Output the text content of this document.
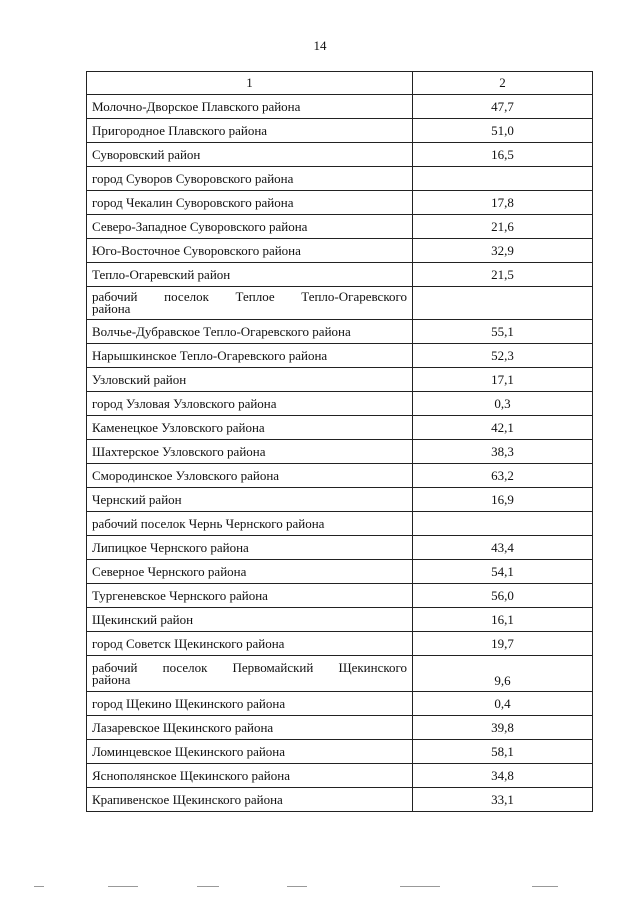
14
1	2
Молочно-Дворское Плавского района	47,7
Пригородное Плавского района	51,0
Суворовский район	16,5
город Суворов Суворовского района	
город Чекалин Суворовского района	17,8
Северо-Западное Суворовского района	21,6
Юго-Восточное Суворовского района	32,9
Тепло-Огаревский район	21,5

рабочий поселок Теплое Тепло-Огаревского
района	

Волчье-Дубравское Тепло-Огаревского района	55,1
Нарышкинское Тепло-Огаревского района	52,3
Узловский район	17,1
город Узловая Узловского района	0,3
Каменецкое Узловского района	42,1
Шахтерское Узловского района	38,3
Смородинское Узловского района	63,2
Чернский район	16,9
рабочий поселок Чернь Чернского района	
Липицкое Чернского района	43,4
Северное Чернского района	54,1
Тургеневское Чернского района	56,0
Щекинский район	16,1
город Советск Щекинского района	19,7

рабочий поселок Первомайский Щекинского
района	9,6
город Щекино Щекинского района	0,4
Лазаревское Щекинского района	39,8
Ломинцевское Щекинского района	58,1
Яснополянское Щекинского района	34,8
Крапивенское Щекинского района	33,1
